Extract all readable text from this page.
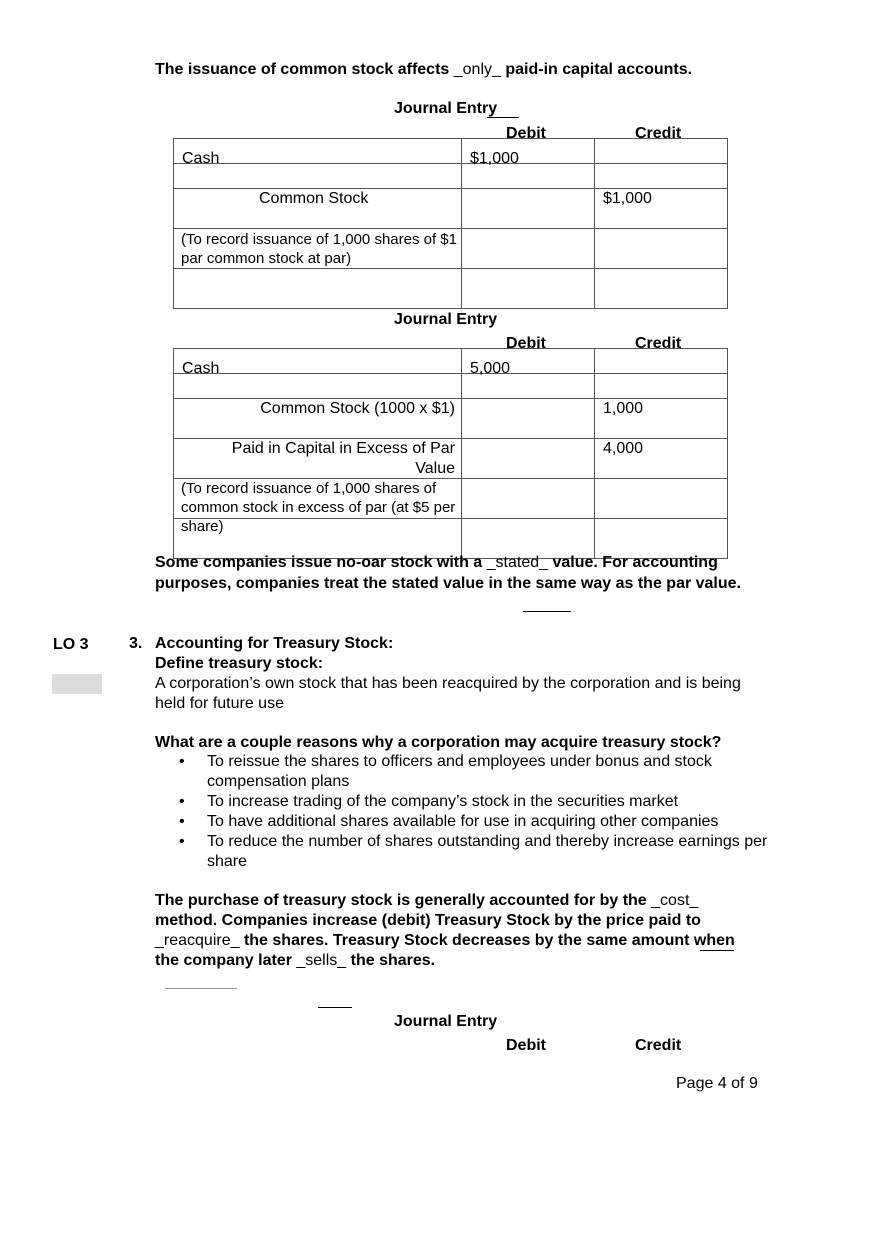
The issuance of common stock affects _only_ paid-in capital accounts.
Journal Entry
Debit	Credit
Cash	$1,000	

Common Stock		$1,000

(To record issuance of 1,000 shares of $1 par common stock at par)		

Journal Entry
Debit	Credit
Cash	5,000	

Common Stock (1000 x $1)		1,000

Paid in Capital in Excess of Par Value		4,000

(To record issuance of 1,000 shares of common stock in excess of par (at $5 per share)		

Some companies issue no-oar stock with a _stated_ value. For accounting
purposes, companies treat the stated value in the same way as the par value.
LO 3	3. Accounting for Treasury Stock:
Define treasury stock:
A corporation’s own stock that has been reacquired by the corporation and is being
held for future use
What are a couple reasons why a corporation may acquire treasury stock?
• To reissue the shares to officers and employees under bonus and stock compensation plans
• To increase trading of the company’s stock in the securities market
• To have additional shares available for use in acquiring other companies
• To reduce the number of shares outstanding and thereby increase earnings per share
The purchase of treasury stock is generally accounted for by the _cost_
method. Companies increase (debit) Treasury Stock by the price paid to
_reacquire_ the shares. Treasury Stock decreases by the same amount when
the company later _sells_ the shares.
Journal Entry
Debit	Credit
Page 4 of 9
